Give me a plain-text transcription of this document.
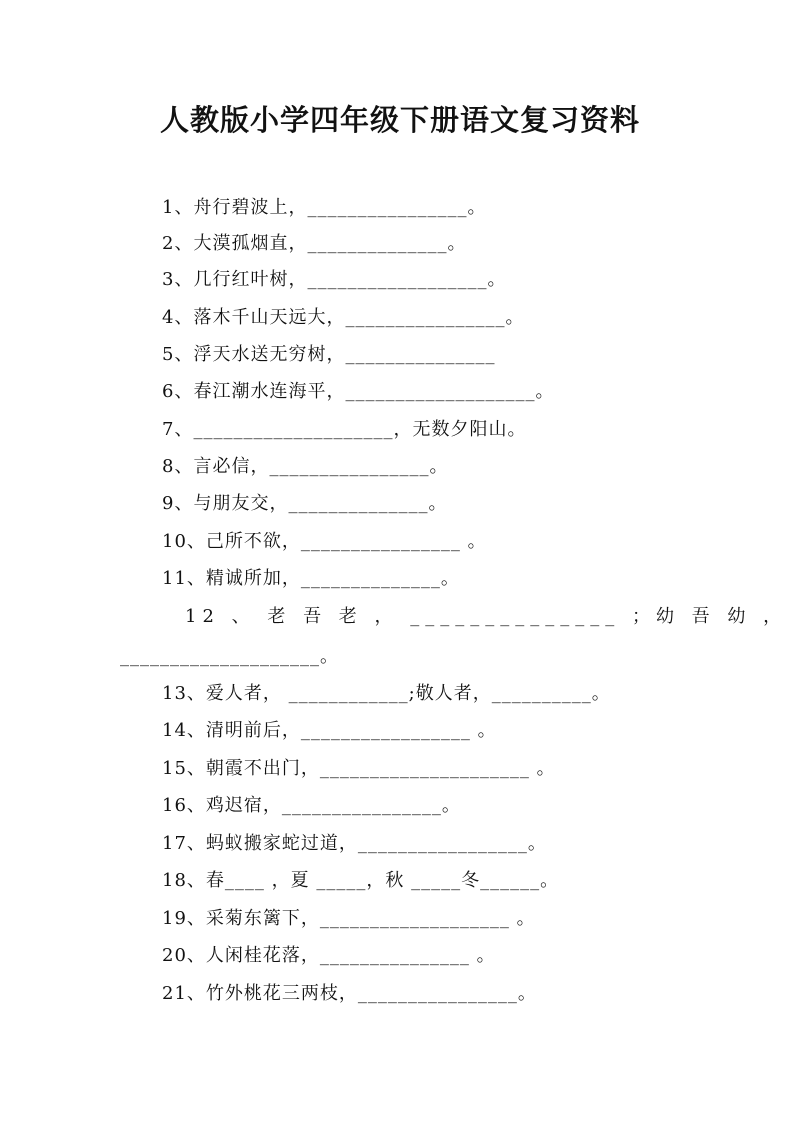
人教版小学四年级下册语文复习资料
1、舟行碧波上，________________。
2、大漠孤烟直，______________。
3、几行红叶树，__________________。
4、落木千山天远大，________________。
5、浮天水送无穷树，_______________
6、春江潮水连海平，___________________。
7、____________________，无数夕阳山。
8、言必信，________________。
9、与朋友交，______________。
10、己所不欲，________________ 。
11、精诚所加，______________。
12 、 老 吾 老 ， ______________ ；幼 吾 幼 ，
____________________。
13、爱人者， ____________;敬人者，__________。
14、清明前后，_________________ 。
15、朝霞不出门，_____________________ 。
16、鸡迟宿，________________。
17、蚂蚁搬家蛇过道，_________________。
18、春____ ，夏 _____，秋 _____冬______。
19、采菊东篱下，___________________ 。
20、人闲桂花落，_______________ 。
21、竹外桃花三两枝，________________。
